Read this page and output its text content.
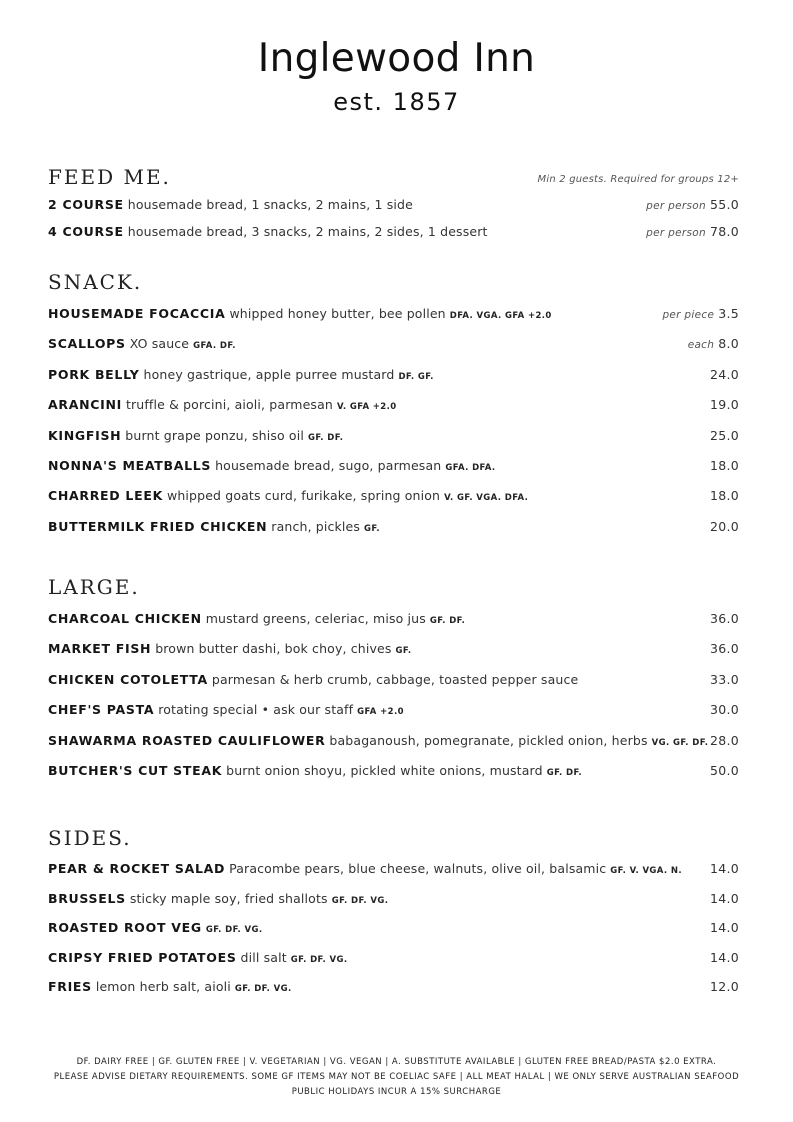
Inglewood Inn
est. 1857
FEED ME.	Min 2 guests. Required for groups 12+
2 COURSE housemade bread, 1 snacks, 2 mains, 1 side	per person 55.0
4 COURSE housemade bread, 3 snacks, 2 mains, 2 sides, 1 dessert	per person 78.0
SNACK.
HOUSEMADE FOCACCIA whipped honey butter, bee pollen DFA. VGA. GFA +2.0	per piece 3.5
SCALLOPS XO sauce GFA. DF.	each 8.0
PORK BELLY honey gastrique, apple purree mustard DF. GF.	24.0
ARANCINI truffle & porcini, aioli, parmesan V. GFA +2.0	19.0
KINGFISH burnt grape ponzu, shiso oil GF. DF.	25.0
NONNA'S MEATBALLS housemade bread, sugo, parmesan GFA. DFA.	18.0
CHARRED LEEK whipped goats curd, furikake, spring onion V. GF. VGA. DFA.	18.0
BUTTERMILK FRIED CHICKEN ranch, pickles GF.	20.0
LARGE.
CHARCOAL CHICKEN mustard greens, celeriac, miso jus GF. DF.	36.0
MARKET FISH brown butter dashi, bok choy, chives GF.	36.0
CHICKEN COTOLETTA parmesan & herb crumb, cabbage, toasted pepper sauce	33.0
CHEF'S PASTA rotating special • ask our staff GFA +2.0	30.0
SHAWARMA ROASTED CAULIFLOWER babaganoush, pomegranate, pickled onion, herbs VG. GF. DF. 28.0
BUTCHER'S CUT STEAK burnt onion shoyu, pickled white onions, mustard GF. DF.	50.0
SIDES.
PEAR & ROCKET SALAD Paracombe pears, blue cheese, walnuts, olive oil, balsamic GF. V. VGA. N. 14.0
BRUSSELS sticky maple soy, fried shallots GF. DF. VG.	14.0
ROASTED ROOT VEG GF. DF. VG.	14.0
CRIPSY FRIED POTATOES dill salt GF. DF. VG.	14.0
FRIES lemon herb salt, aioli GF. DF. VG.	12.0
DF. DAIRY FREE | GF. GLUTEN FREE | V. VEGETARIAN | VG. VEGAN | A. SUBSTITUTE AVAILABLE | GLUTEN FREE BREAD/PASTA $2.0 EXTRA.
PLEASE ADVISE DIETARY REQUIREMENTS. SOME GF ITEMS MAY NOT BE COELIAC SAFE | ALL MEAT HALAL | WE ONLY SERVE AUSTRALIAN SEAFOOD
PUBLIC HOLIDAYS INCUR A 15% SURCHARGE
